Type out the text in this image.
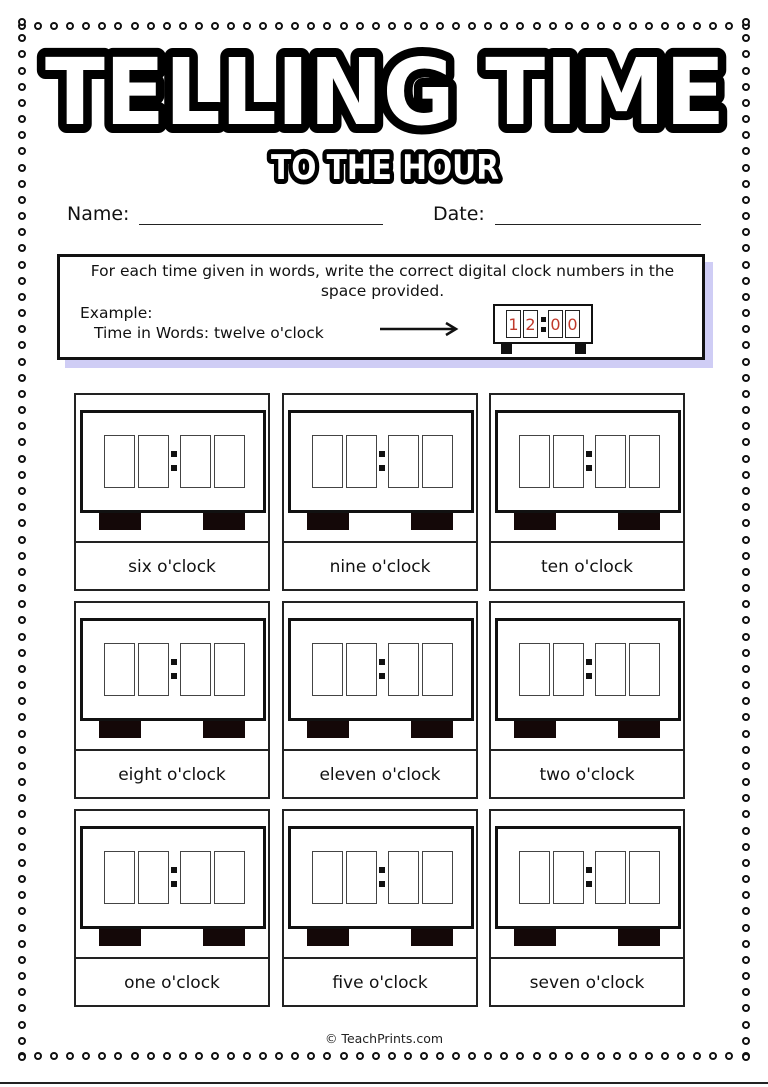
TELLING TIME
TO THE HOUR
Name:	Date:
For each time given in words, write the correct digital clock numbers in the space provided.
Example:
Time in Words: twelve o'clock	1 2 0 0
six o'clock	nine o'clock	ten o'clock
eight o'clock	eleven o'clock	two o'clock
one o'clock	five o'clock	seven o'clock
© TeachPrints.com
